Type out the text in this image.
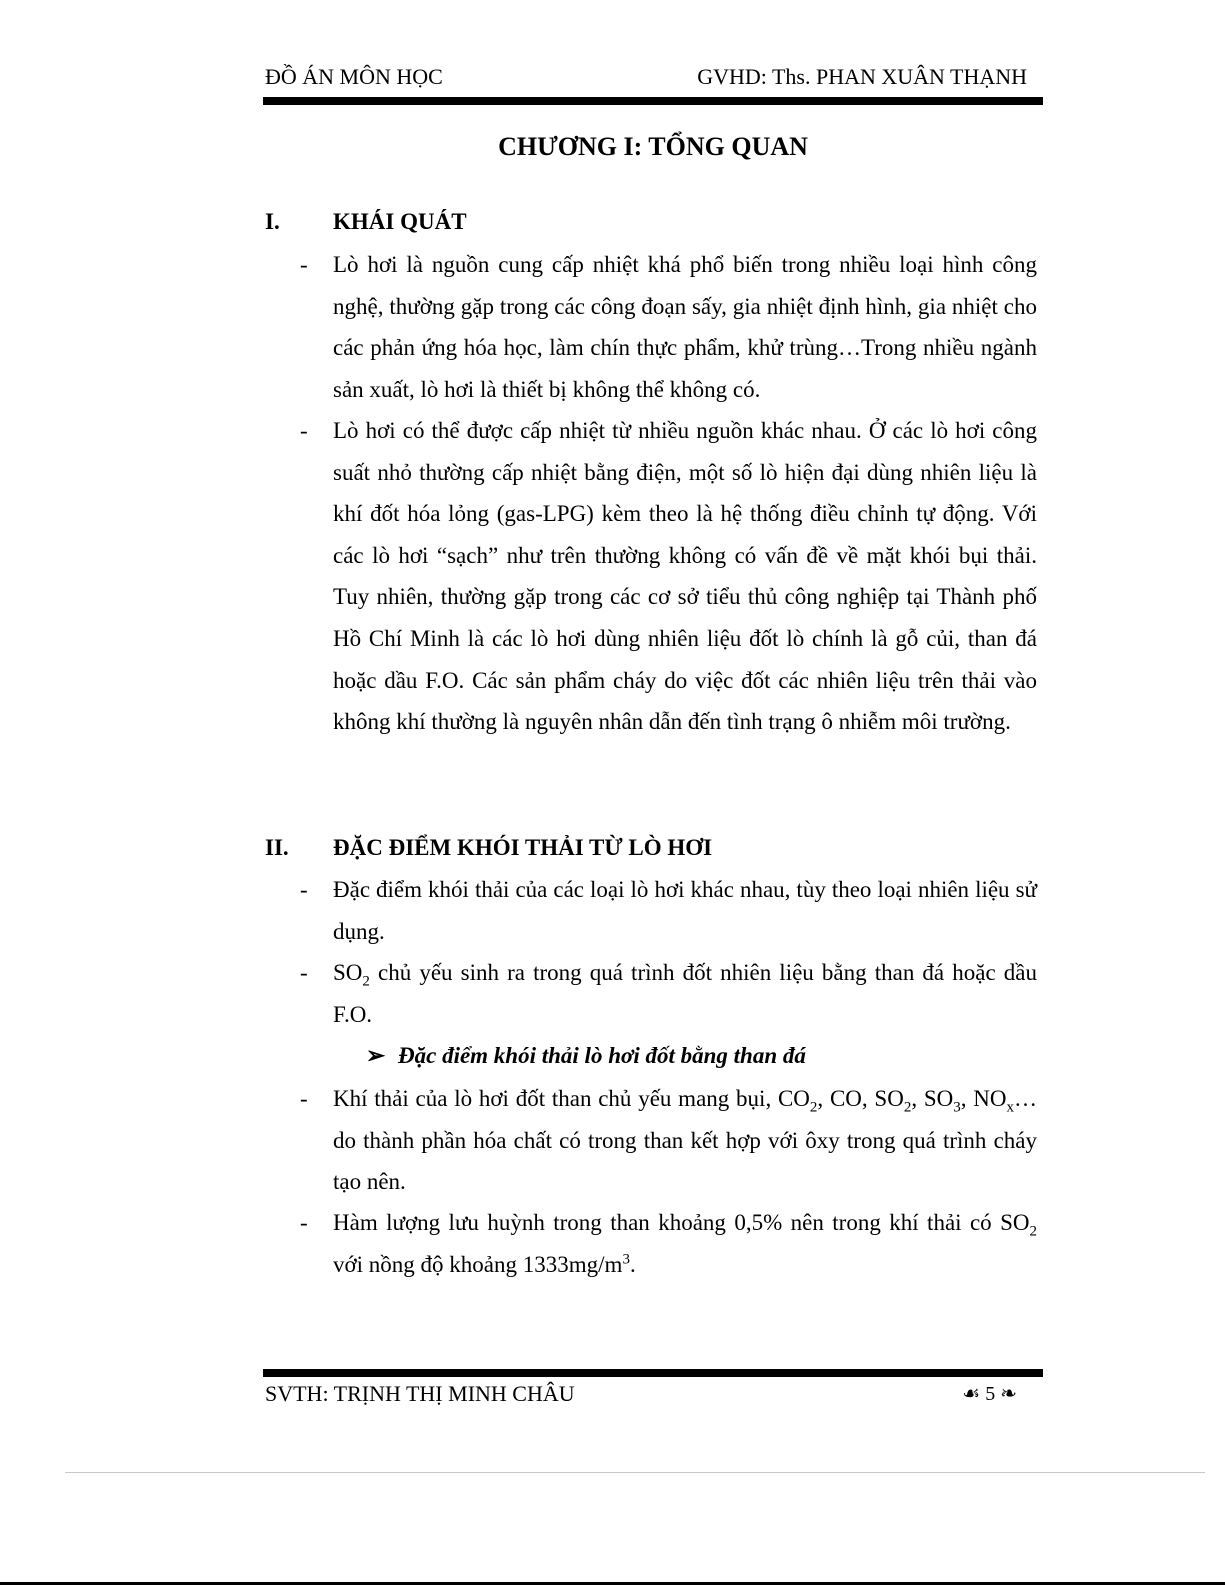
ĐỒ ÁN MÔN HỌC	GVHD: Ths. PHAN XUÂN THẠNH
CHƯƠNG I: TỔNG QUAN
I. KHÁI QUÁT
- Lò hơi là nguồn cung cấp nhiệt khá phổ biến trong nhiều loại hình công nghệ, thường gặp trong các công đoạn sấy, gia nhiệt định hình, gia nhiệt cho các phản ứng hóa học, làm chín thực phẩm, khử trùng…Trong nhiều ngành sản xuất, lò hơi là thiết bị không thể không có.
- Lò hơi có thể được cấp nhiệt từ nhiều nguồn khác nhau. Ở các lò hơi công suất nhỏ thường cấp nhiệt bằng điện, một số lò hiện đại dùng nhiên liệu là khí đốt hóa lỏng (gas-LPG) kèm theo là hệ thống điều chỉnh tự động. Với các lò hơi “sạch” như trên thường không có vấn đề về mặt khói bụi thải. Tuy nhiên, thường gặp trong các cơ sở tiểu thủ công nghiệp tại Thành phố Hồ Chí Minh là các lò hơi dùng nhiên liệu đốt lò chính là gỗ củi, than đá hoặc dầu F.O. Các sản phẩm cháy do việc đốt các nhiên liệu trên thải vào không khí thường là nguyên nhân dẫn đến tình trạng ô nhiễm môi trường.
II. ĐẶC ĐIỂM KHÓI THẢI TỪ LÒ HƠI
- Đặc điểm khói thải của các loại lò hơi khác nhau, tùy theo loại nhiên liệu sử dụng.
- $SO_2$ chủ yếu sinh ra trong quá trình đốt nhiên liệu bằng than đá hoặc dầu F.O.
➢ Đặc điểm khói thải lò hơi đốt bằng than đá
- Khí thải của lò hơi đốt than chủ yếu mang bụi, $CO_2$, CO, $SO_2$, $SO_3$, $NO_x\dots do$ thành phần hóa chất có trong than kết hợp với ôxy trong quá trình cháy tạo nên.
- Hàm lượng lưu huỳnh trong than khoảng 0,5% nên trong khí thải có $SO_2$ với nồng độ khoảng $1333mg/m^3$.
SVTH: TRỊNH THỊ MINH CHÂU	☙ 5 ❧
